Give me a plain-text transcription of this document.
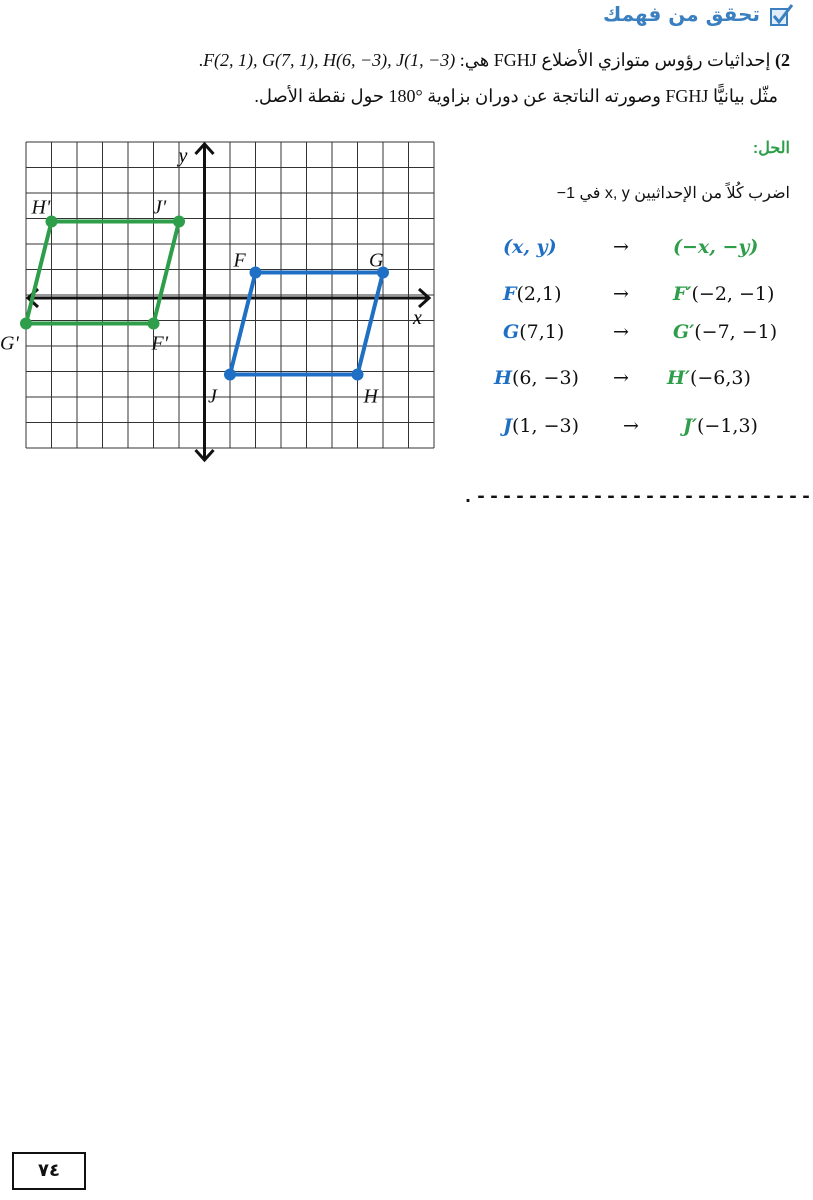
تحقق من فهمك
2) إحداثيات رؤوس متوازي الأضلاع FGHJ هي: F(2, 1), G(7, 1), H(6, −3), J(1, −3).
مثّل بيانيًّا FGHJ وصورته الناتجة عن دوران بزاوية °180 حول نقطة الأصل.
x
y
F	G
H
J
F'
G'
H'	J'
الحل:
اضرب كُلاً من الإحداثيين x, y في 1−
(x, y)	→ (−x, −y)
F(2,1)	→ F′(−2, −1)
G(7,1)	→ G′(−7, −1)
H(6, −3) → H′(−6,3)
J(1, −3) → J′(−1,3)
.--------------------------
٧٤
